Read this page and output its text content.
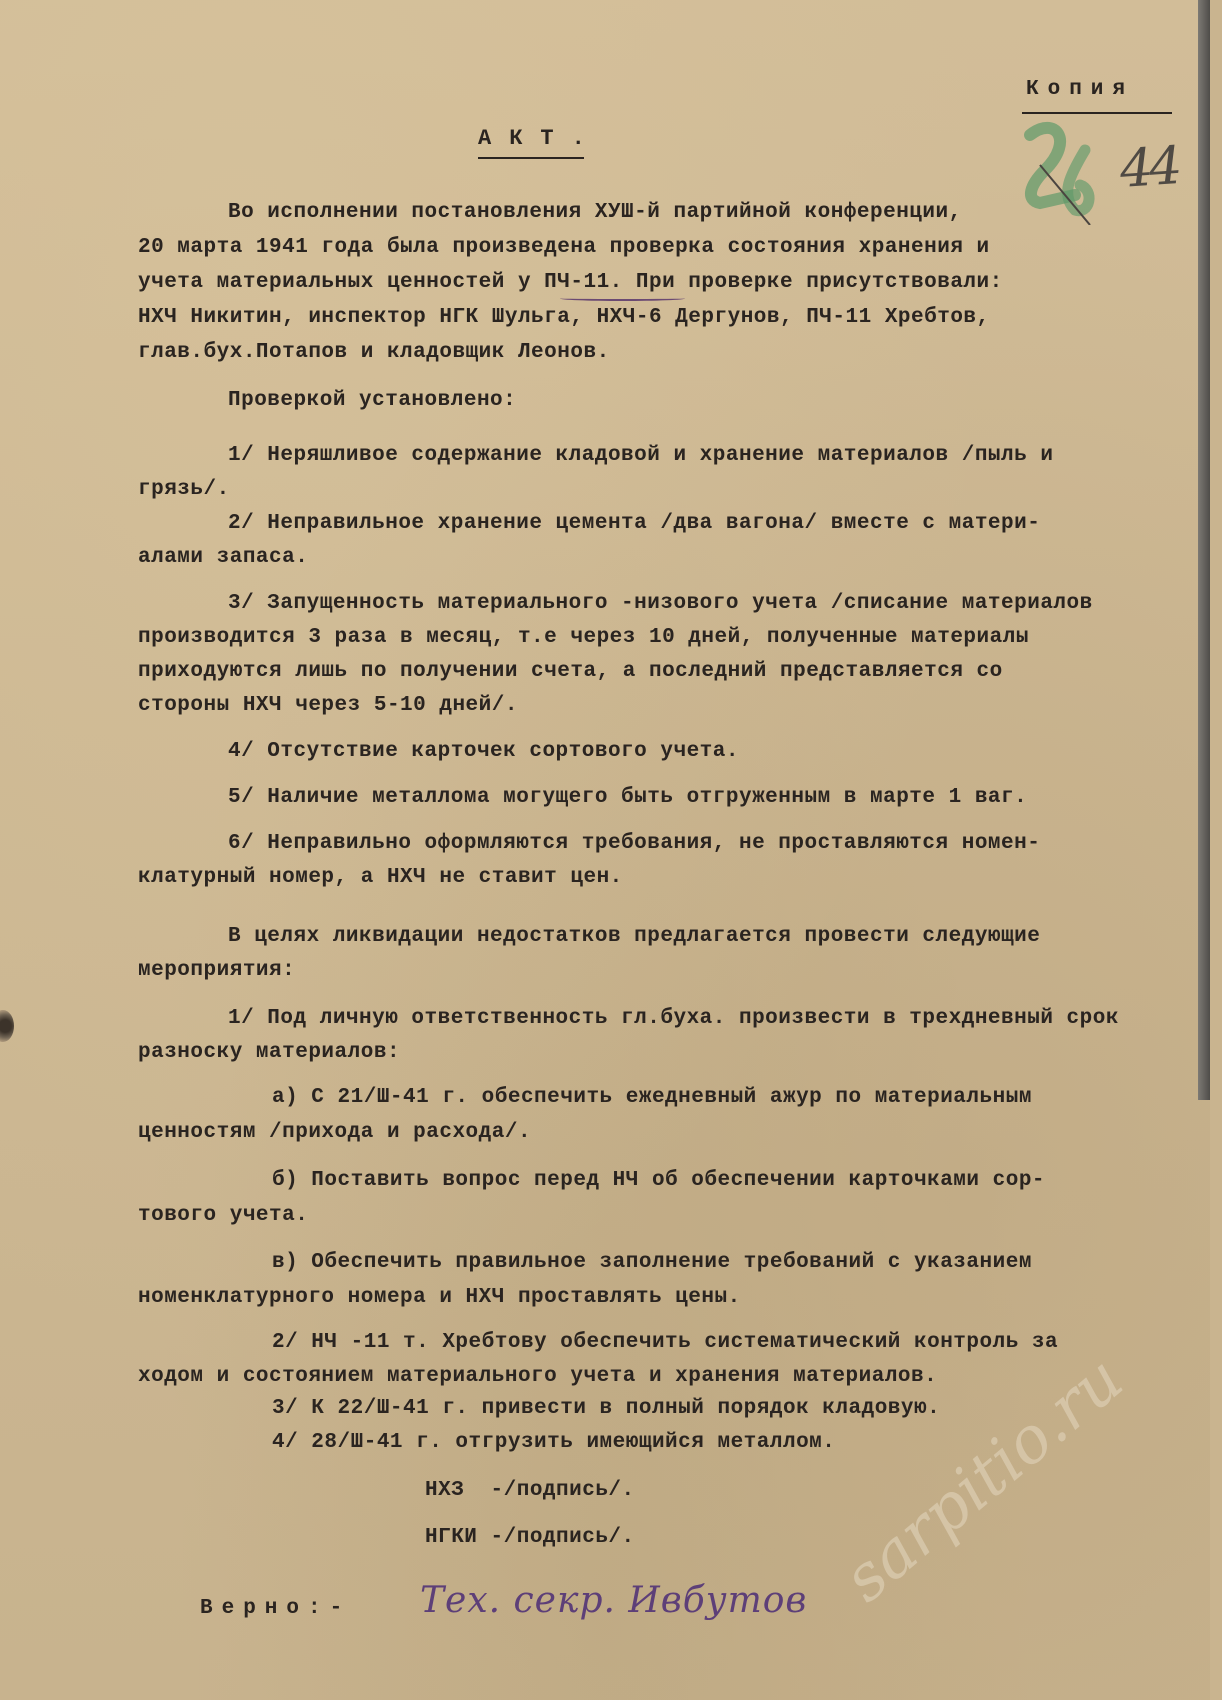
Копия
44
АКТ.
Во исполнении постановления ХУШ-й партийной конференции,
20 марта 1941 года была произведена проверка состояния хранения и
учета материальных ценностей у ПЧ-11. При проверке присутствовали:
НХЧ Никитин, инспектор НГК Шульга, НХЧ-6 Дергунов, ПЧ-11 Хребтов,
глав.бух.Потапов и кладовщик Леонов.
Проверкой установлено:
1/ Неряшливое содержание кладовой и хранение материалов /пыль и
грязь/.
2/ Неправильное хранение цемента /два вагона/ вместе с матери-
алами запаса.
3/ Запущенность материального -низового учета /списание материалов
производится 3 раза в месяц, т.е через 10 дней, полученные материалы
приходуются лишь по получении счета, а последний представляется со
стороны НХЧ через 5-10 дней/.
4/ Отсутствие карточек сортового учета.
5/ Наличие металлома могущего быть отгруженным в марте 1 ваг.
6/ Неправильно оформляются требования, не проставляются номен-
клатурный номер, а НХЧ не ставит цен.
В целях ликвидации недостатков предлагается провести следующие
мероприятия:
1/ Под личную ответственность гл.буха. произвести в трехдневный срок
разноску материалов:
а) С 21/Ш-41 г. обеспечить ежедневный ажур по материальным
ценностям /прихода и расхода/.
б) Поставить вопрос перед НЧ об обеспечении карточками сор-
тового учета.
в) Обеспечить правильное заполнение требований с указанием
номенклатурного номера и НХЧ проставлять цены.
2/ НЧ -11 т. Хребтову обеспечить систематический контроль за
ходом и состоянием материального учета и хранения материалов.
3/ К 22/Ш-41 г. привести в полный порядок кладовую.
4/ 28/Ш-41 г. отгрузить имеющийся металлом.
НХЗ  -/подпись/.
НГКИ -/подпись/.
Верно:- Тех. секр. Ивбутов sarpitio.ru
